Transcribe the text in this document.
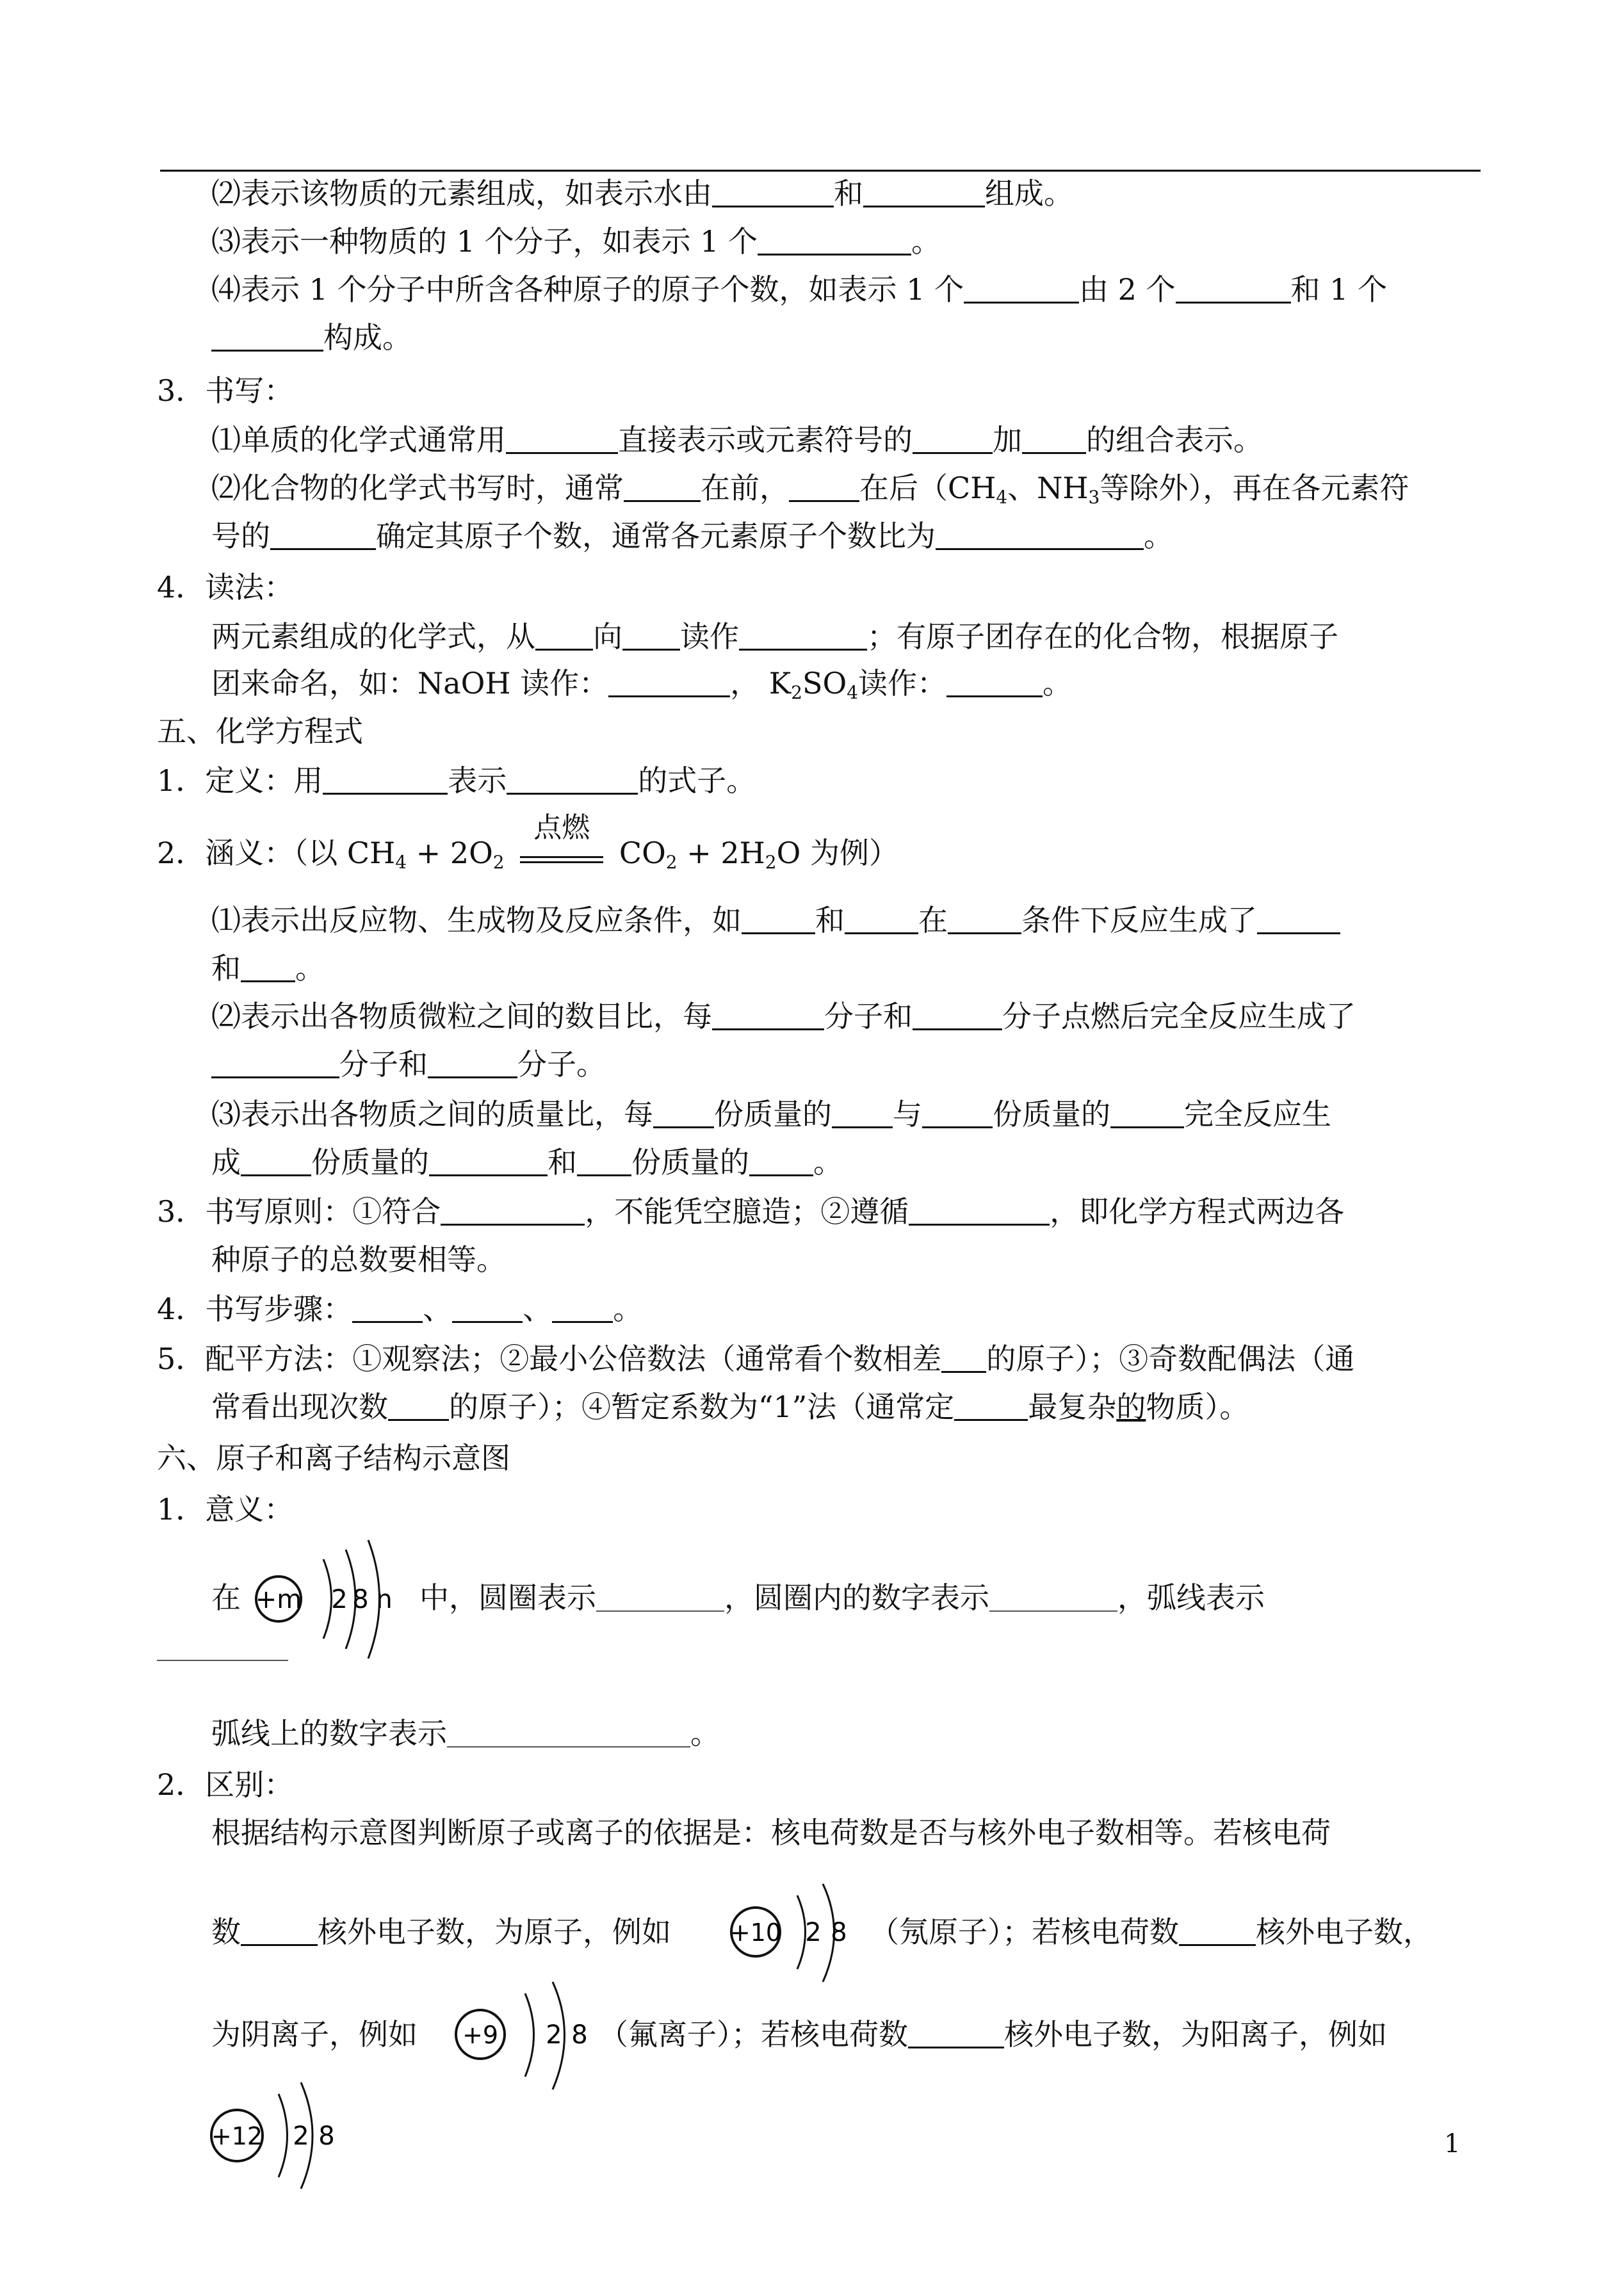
⑵表示该物质的元素组成，如表示水由	和	组成。
⑶表示一种物质的 1 个分子，如表示 1 个	。
⑷表示 1 个分子中所含各种原子的原子个数，如表示 1 个	由 2 个	和 1 个
构成。
3．书写：
⑴单质的化学式通常用	直接表示或元素符号的	加 的组合表示。
⑵化合物的化学式书写时，通常	在前， 在后（$CH_4$、$NH_3$等除外），再在各元素符
号的	确定其原子个数，通常各元素原子个数比为	。
4．读法：
两元素组成的化学式，从 向 读作	；有原子团存在的化合物，根据原子
团来命名，如：NaOH 读作：	， $K_2SO_4$读作：	。
五、化学方程式
1．定义：用	表示	的式子。
2．涵义：（以 $CH_4 + 2O_2$
点燃
$CO_2 + 2H_2O$ 为例）
⑴表示出反应物、生成物及反应条件，如	和	在	条件下反应生成了
和 。
⑵表示出各物质微粒之间的数目比，每	分子和	分子点燃后完全反应生成了
分子和	分子。
⑶表示出各物质之间的质量比，每 份质量的 与 份质量的	完全反应生
成 份质量的	和 份质量的 。
3．书写原则：①符合	，不能凭空臆造；②遵循	，即化学方程式两边各
种原子的总数要相等。
4．书写步骤： 、 、 。
5．配平方法：①观察法；②最小公倍数法（通常看个数相差 的原子）；③奇数配偶法（通
常看出现次数 的原子）；④暂定系数为“1”法（通常定	最复杂的物质）。
六、原子和离子结构示意图
1．意义：
在 +m 2 8 n 中，圆圈表示	，圆圈内的数字表示	，弧线表示
弧线上的数字表示	。
2．区别：
根据结构示意图判断原子或离子的依据是：核电荷数是否与核外电子数相等。若核电荷
数	核外电子数，为原子，例如 +10 2 8 （氖原子）；若核电荷数	核外电子数，
为阴离子，例如 +9 2 8 （氟离子）；若核电荷数	核外电子数，为阳离子，例如
+12 2 8	1
